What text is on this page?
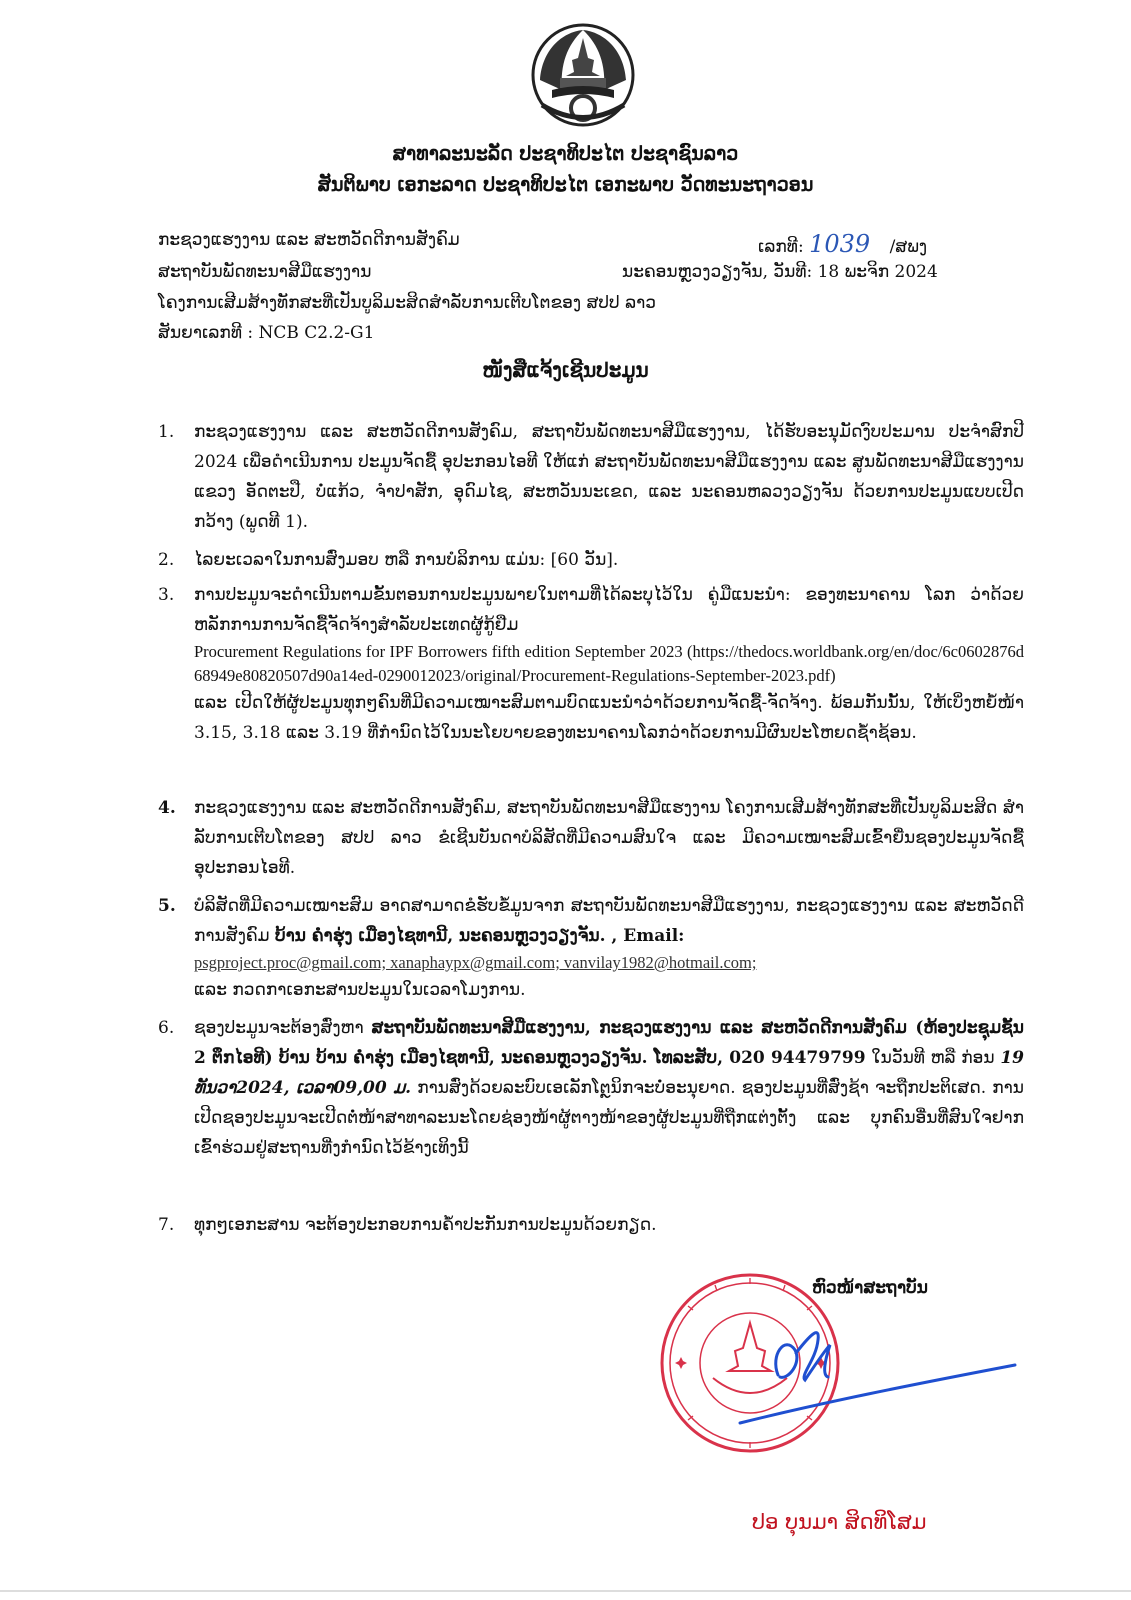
ສາທາລະນະລັດ ປະຊາທິປະໄຕ ປະຊາຊົນລາວ
ສັນຕິພາບ ເອກະລາດ ປະຊາທິປະໄຕ ເອກະພາບ ວັດທະນະຖາວອນ
ກະຊວງແຮງງານ ແລະ ສະຫວັດດີການສັງຄົມ
ສະຖາບັນພັດທະນາສີມືແຮງງານ
ໂຄງການເສີມສ້າງທັກສະທີ່ເປັນບູລິມະສິດສໍາລັບການເຕີບໂຕຂອງ ສປປ ລາວ
ສັນຍາເລກທີ : NCB C2.2-G1
ເລກທີ: 1039 /ສພງ
ນະຄອນຫຼວງວຽງຈັນ, ວັນທີ: 18 ພະຈິກ 2024
ໜັງສືແຈ້ງເຊີນປະມູນ
1.	ກະຊວງແຮງງານ ແລະ ສະຫວັດດີການສັງຄົມ, ສະຖາບັນພັດທະນາສີມືແຮງງານ, ໄດ້ຮັບອະນຸມັດງົບປະມານ ປະຈໍາສົກປີ 2024 ເພື່ອດໍາເນີນການ ປະມູນຈັດຊື້ ອຸປະກອນໄອທີ ໃຫ້ແກ່ ສະຖາບັນພັດທະນາສີມືແຮງງານ ແລະ ສູນພັດທະນາສີມືແຮງງານແຂວງ ອັດຕະປື, ບໍ່ແກ້ວ, ຈໍາປາສັກ, ອຸດົມໄຊ, ສະຫວັນນະເຂດ, ແລະ ນະຄອນຫລວງວຽງຈັນ ດ້ວຍການປະມູນແບບເປີດກວ້າງ (ພູດທີ 1).
2.	ໄລຍະເວລາໃນການສົ່ງມອບ ຫລື ການບໍລິການ ແມ່ນ: [60 ວັນ].
3.	ການປະມູນຈະດໍາເນີນຕາມຂັ້ນຕອນການປະມູນພາຍໃນຕາມທີ່ໄດ້ລະບຸໄວ້ໃນ ຄູ່ມືແນະນໍາ: ຂອງທະນາຄານ ໂລກ ວ່າດ້ວຍ ຫລັກການການຈັດຊື້ຈັດຈ້າງສໍາລັບປະເທດຜູ້ກູ້ຢືມ
Procurement Regulations for IPF Borrowers fifth edition September 2023 (https://thedocs.worldbank.org/en/doc/6c0602876d68949e80820507d90a14ed-0290012023/original/Procurement-Regulations-September-2023.pdf)
ແລະ ເປີດໃຫ້ຜູ້ປະມູນທຸກໆຄົນທີ່ມີຄວາມເໝາະສົມຕາມບົດແນະນໍາວ່າດ້ວຍການຈັດຊື້-ຈັດຈ້າງ. ພ້ອມກັນນັ້ນ, ໃຫ້ເບິ່ງຫຍໍ້ໜ້າ 3.15, 3.18 ແລະ 3.19 ທີ່ກໍານົດໄວ້ໃນນະໂຍບາຍຂອງທະນາຄານໂລກວ່າດ້ວຍການມີຜົນປະໂຫຍດຊໍ້າຊ້ອນ.
4.	ກະຊວງແຮງງານ ແລະ ສະຫວັດດີການສັງຄົມ, ສະຖາບັນພັດທະນາສີມືແຮງງານ ໂຄງການເສີມສ້າງທັກສະທີ່ເປັນບູລິມະສິດ ສໍາລັບການເຕີບໂຕຂອງ ສປປ ລາວ ຂໍເຊີນບັນດາບໍລິສັດທີ່ມີຄວາມສົນໃຈ ແລະ ມີຄວາມເໝາະສົມເຂົ້າຍື່ນຊອງປະມູນຈັດຊື້ ອຸປະກອນໄອທີ.
5.	ບໍລິສັດທີ່ມີຄວາມເໝາະສົມ ອາດສາມາດຂໍຮັບຂໍ້ມູນຈາກ ສະຖາບັນພັດທະນາສີມືແຮງງານ, ກະຊວງແຮງງານ ແລະ ສະຫວັດດີການສັງຄົມ ບ້ານ ຄໍາຮຸ່ງ ເມືອງໄຊທານີ, ນະຄອນຫຼວງວຽງຈັນ. , Email:
psgproject.proc@gmail.com; xanaphaypx@gmail.com; vanvilay1982@hotmail.com;
ແລະ ກວດກາເອກະສານປະມູນໃນເວລາໂມງການ.
6.	ຊອງປະມູນຈະຕ້ອງສົ່ງຫາ ສະຖາບັນພັດທະນາສີມືແຮງງານ, ກະຊວງແຮງງານ ແລະ ສະຫວັດດີການສັງຄົມ (ຫ້ອງປະຊຸມຊັ້ນ 2 ຕຶກໄອທີ) ບ້ານ ບ້ານ ຄໍາຮຸ່ງ ເມືອງໄຊທານີ, ນະຄອນຫຼວງວຽງຈັນ. ໂທລະສັບ, 020 94479799 ໃນວັນທີ ຫລື ກ່ອນ 19 ທັນວາ2024, ເວລາ09,00 ມ. ການສົ່ງດ້ວຍລະບົບເອເລັກໂຕຼນິກຈະບໍ່ອະນຸຍາດ. ຊອງປະມູນທີ່ສົ່ງຊ້າ ຈະຖືກປະຕິເສດ. ການເປີດຊອງປະມູນຈະເປີດຕໍ່ໜ້າສາທາລະນະໂດຍຊ່ອງໜ້າຜູ້ຕາງໜ້າຂອງຜູ້ປະມູນທີ່ຖືກແຕ່ງຕັ້ງ ແລະ ບຸກຄົນອື່ນທີ່ສົນໃຈຢາກເຂົ້າຮ່ວມຢູ່ສະຖານທີ່ງກໍານົດໄວ້ຂ້າງເທິງນີ້
7.	ທຸກໆເອກະສານ ຈະຕ້ອງປະກອບການຄໍ້າປະກັນການປະມູນດ້ວຍກຽດ.
ຫົວໜ້າສະຖາບັນ
ປອ ບຸນມາ ສິດທິໂສມ
